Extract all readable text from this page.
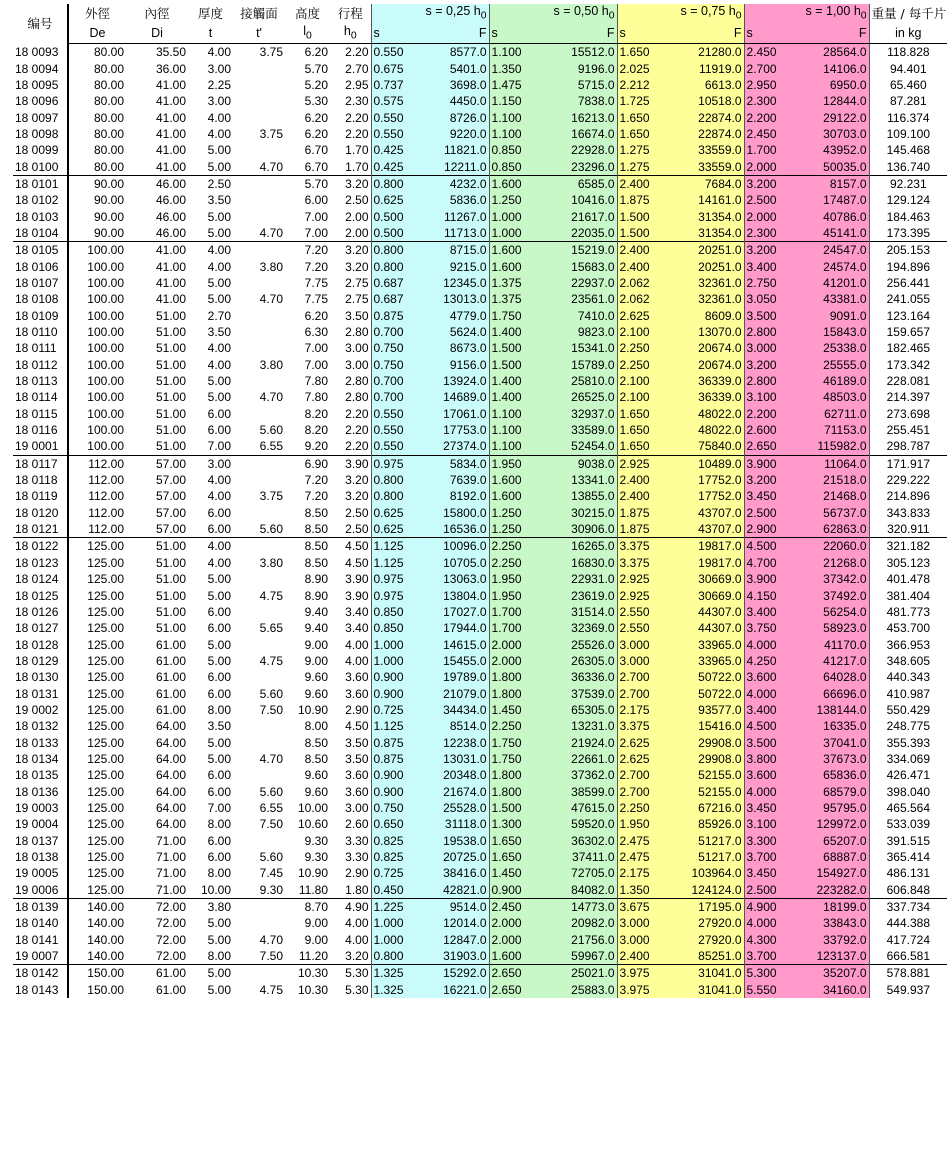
编号	外徑	內徑	厚度	接觸面	高度	行程	s = 0,25 $h_0$		s = 0,50 $h_0$		s = 0,75 $h_0$		s = 1,00 $h_0$		重量 / 每千片
	De	Di	t	t'	$l_0$	$h_0$	s	F	s	F	s	F	s	F	in kg
18 0093	80.00	35.50	4.00	3.75	6.20	2.20	0.550	8577.0	1.100	15512.0	1.650	21280.0	2.450	28564.0	118.828
18 0094	80.00	36.00	3.00		5.70	2.70	0.675	5401.0	1.350	9196.0	2.025	11919.0	2.700	14106.0	94.401
18 0095	80.00	41.00	2.25		5.20	2.95	0.737	3698.0	1.475	5715.0	2.212	6613.0	2.950	6950.0	65.460
18 0096	80.00	41.00	3.00		5.30	2.30	0.575	4450.0	1.150	7838.0	1.725	10518.0	2.300	12844.0	87.281
18 0097	80.00	41.00	4.00		6.20	2.20	0.550	8726.0	1.100	16213.0	1.650	22874.0	2.200	29122.0	116.374
18 0098	80.00	41.00	4.00	3.75	6.20	2.20	0.550	9220.0	1.100	16674.0	1.650	22874.0	2.450	30703.0	109.100
18 0099	80.00	41.00	5.00		6.70	1.70	0.425	11821.0	0.850	22928.0	1.275	33559.0	1.700	43952.0	145.468
18 0100	80.00	41.00	5.00	4.70	6.70	1.70	0.425	12211.0	0.850	23296.0	1.275	33559.0	2.000	50035.0	136.740
18 0101	90.00	46.00	2.50		5.70	3.20	0.800	4232.0	1.600	6585.0	2.400	7684.0	3.200	8157.0	92.231
18 0102	90.00	46.00	3.50		6.00	2.50	0.625	5836.0	1.250	10416.0	1.875	14161.0	2.500	17487.0	129.124
18 0103	90.00	46.00	5.00		7.00	2.00	0.500	11267.0	1.000	21617.0	1.500	31354.0	2.000	40786.0	184.463
18 0104	90.00	46.00	5.00	4.70	7.00	2.00	0.500	11713.0	1.000	22035.0	1.500	31354.0	2.300	45141.0	173.395
18 0105	100.00	41.00	4.00		7.20	3.20	0.800	8715.0	1.600	15219.0	2.400	20251.0	3.200	24547.0	205.153
18 0106	100.00	41.00	4.00	3.80	7.20	3.20	0.800	9215.0	1.600	15683.0	2.400	20251.0	3.400	24574.0	194.896
18 0107	100.00	41.00	5.00		7.75	2.75	0.687	12345.0	1.375	22937.0	2.062	32361.0	2.750	41201.0	256.441
18 0108	100.00	41.00	5.00	4.70	7.75	2.75	0.687	13013.0	1.375	23561.0	2.062	32361.0	3.050	43381.0	241.055
18 0109	100.00	51.00	2.70		6.20	3.50	0.875	4779.0	1.750	7410.0	2.625	8609.0	3.500	9091.0	123.164
18 0110	100.00	51.00	3.50		6.30	2.80	0.700	5624.0	1.400	9823.0	2.100	13070.0	2.800	15843.0	159.657
18 0111	100.00	51.00	4.00		7.00	3.00	0.750	8673.0	1.500	15341.0	2.250	20674.0	3.000	25338.0	182.465
18 0112	100.00	51.00	4.00	3.80	7.00	3.00	0.750	9156.0	1.500	15789.0	2.250	20674.0	3.200	25555.0	173.342
18 0113	100.00	51.00	5.00		7.80	2.80	0.700	13924.0	1.400	25810.0	2.100	36339.0	2.800	46189.0	228.081
18 0114	100.00	51.00	5.00	4.70	7.80	2.80	0.700	14689.0	1.400	26525.0	2.100	36339.0	3.100	48503.0	214.397
18 0115	100.00	51.00	6.00		8.20	2.20	0.550	17061.0	1.100	32937.0	1.650	48022.0	2.200	62711.0	273.698
18 0116	100.00	51.00	6.00	5.60	8.20	2.20	0.550	17753.0	1.100	33589.0	1.650	48022.0	2.600	71153.0	255.451
19 0001	100.00	51.00	7.00	6.55	9.20	2.20	0.550	27374.0	1.100	52454.0	1.650	75840.0	2.650	115982.0	298.787
18 0117	112.00	57.00	3.00		6.90	3.90	0.975	5834.0	1.950	9038.0	2.925	10489.0	3.900	11064.0	171.917
18 0118	112.00	57.00	4.00		7.20	3.20	0.800	7639.0	1.600	13341.0	2.400	17752.0	3.200	21518.0	229.222
18 0119	112.00	57.00	4.00	3.75	7.20	3.20	0.800	8192.0	1.600	13855.0	2.400	17752.0	3.450	21468.0	214.896
18 0120	112.00	57.00	6.00		8.50	2.50	0.625	15800.0	1.250	30215.0	1.875	43707.0	2.500	56737.0	343.833
18 0121	112.00	57.00	6.00	5.60	8.50	2.50	0.625	16536.0	1.250	30906.0	1.875	43707.0	2.900	62863.0	320.911
18 0122	125.00	51.00	4.00		8.50	4.50	1.125	10096.0	2.250	16265.0	3.375	19817.0	4.500	22060.0	321.182
18 0123	125.00	51.00	4.00	3.80	8.50	4.50	1.125	10705.0	2.250	16830.0	3.375	19817.0	4.700	21268.0	305.123
18 0124	125.00	51.00	5.00		8.90	3.90	0.975	13063.0	1.950	22931.0	2.925	30669.0	3.900	37342.0	401.478
18 0125	125.00	51.00	5.00	4.75	8.90	3.90	0.975	13804.0	1.950	23619.0	2.925	30669.0	4.150	37492.0	381.404
18 0126	125.00	51.00	6.00		9.40	3.40	0.850	17027.0	1.700	31514.0	2.550	44307.0	3.400	56254.0	481.773
18 0127	125.00	51.00	6.00	5.65	9.40	3.40	0.850	17944.0	1.700	32369.0	2.550	44307.0	3.750	58923.0	453.700
18 0128	125.00	61.00	5.00		9.00	4.00	1.000	14615.0	2.000	25526.0	3.000	33965.0	4.000	41170.0	366.953
18 0129	125.00	61.00	5.00	4.75	9.00	4.00	1.000	15455.0	2.000	26305.0	3.000	33965.0	4.250	41217.0	348.605
18 0130	125.00	61.00	6.00		9.60	3.60	0.900	19789.0	1.800	36336.0	2.700	50722.0	3.600	64028.0	440.343
18 0131	125.00	61.00	6.00	5.60	9.60	3.60	0.900	21079.0	1.800	37539.0	2.700	50722.0	4.000	66696.0	410.987
19 0002	125.00	61.00	8.00	7.50	10.90	2.90	0.725	34434.0	1.450	65305.0	2.175	93577.0	3.400	138144.0	550.429
18 0132	125.00	64.00	3.50		8.00	4.50	1.125	8514.0	2.250	13231.0	3.375	15416.0	4.500	16335.0	248.775
18 0133	125.00	64.00	5.00		8.50	3.50	0.875	12238.0	1.750	21924.0	2.625	29908.0	3.500	37041.0	355.393
18 0134	125.00	64.00	5.00	4.70	8.50	3.50	0.875	13031.0	1.750	22661.0	2.625	29908.0	3.800	37673.0	334.069
18 0135	125.00	64.00	6.00		9.60	3.60	0.900	20348.0	1.800	37362.0	2.700	52155.0	3.600	65836.0	426.471
18 0136	125.00	64.00	6.00	5.60	9.60	3.60	0.900	21674.0	1.800	38599.0	2.700	52155.0	4.000	68579.0	398.040
19 0003	125.00	64.00	7.00	6.55	10.00	3.00	0.750	25528.0	1.500	47615.0	2.250	67216.0	3.450	95795.0	465.564
19 0004	125.00	64.00	8.00	7.50	10.60	2.60	0.650	31118.0	1.300	59520.0	1.950	85926.0	3.100	129972.0	533.039
18 0137	125.00	71.00	6.00		9.30	3.30	0.825	19538.0	1.650	36302.0	2.475	51217.0	3.300	65207.0	391.515
18 0138	125.00	71.00	6.00	5.60	9.30	3.30	0.825	20725.0	1.650	37411.0	2.475	51217.0	3.700	68887.0	365.414
19 0005	125.00	71.00	8.00	7.45	10.90	2.90	0.725	38416.0	1.450	72705.0	2.175	103964.0	3.450	154927.0	486.131
19 0006	125.00	71.00	10.00	9.30	11.80	1.80	0.450	42821.0	0.900	84082.0	1.350	124124.0	2.500	223282.0	606.848
18 0139	140.00	72.00	3.80		8.70	4.90	1.225	9514.0	2.450	14773.0	3.675	17195.0	4.900	18199.0	337.734
18 0140	140.00	72.00	5.00		9.00	4.00	1.000	12014.0	2.000	20982.0	3.000	27920.0	4.000	33843.0	444.388
18 0141	140.00	72.00	5.00	4.70	9.00	4.00	1.000	12847.0	2.000	21756.0	3.000	27920.0	4.300	33792.0	417.724
19 0007	140.00	72.00	8.00	7.50	11.20	3.20	0.800	31903.0	1.600	59967.0	2.400	85251.0	3.700	123137.0	666.581
18 0142	150.00	61.00	5.00		10.30	5.30	1.325	15292.0	2.650	25021.0	3.975	31041.0	5.300	35207.0	578.881
18 0143	150.00	61.00	5.00	4.75	10.30	5.30	1.325	16221.0	2.650	25883.0	3.975	31041.0	5.550	34160.0	549.937
